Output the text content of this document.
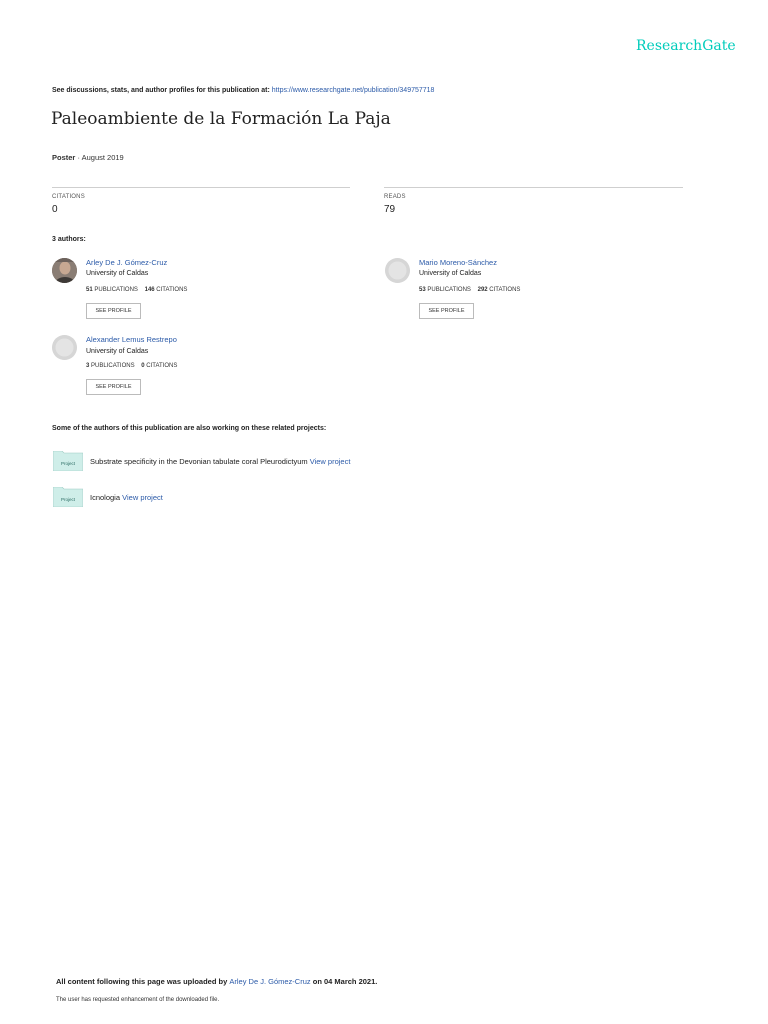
ResearchGate
See discussions, stats, and author profiles for this publication at: https://www.researchgate.net/publication/349757718
Paleoambiente de la Formación La Paja
Poster · August 2019
CITATIONS
0
READS
79
3 authors:
Arley De J. Gómez-Cruz
University of Caldas
51 PUBLICATIONS 146 CITATIONS
SEE PROFILE
Mario Moreno-Sánchez
University of Caldas
53 PUBLICATIONS 292 CITATIONS
SEE PROFILE
Alexander Lemus Restrepo
University of Caldas
3 PUBLICATIONS 0 CITATIONS
SEE PROFILE
Some of the authors of this publication are also working on these related projects:
Project Substrate specificity in the Devonian tabulate coral Pleurodictyum View project
Project Icnologia View project
All content following this page was uploaded by Arley De J. Gómez-Cruz on 04 March 2021.
The user has requested enhancement of the downloaded file.
